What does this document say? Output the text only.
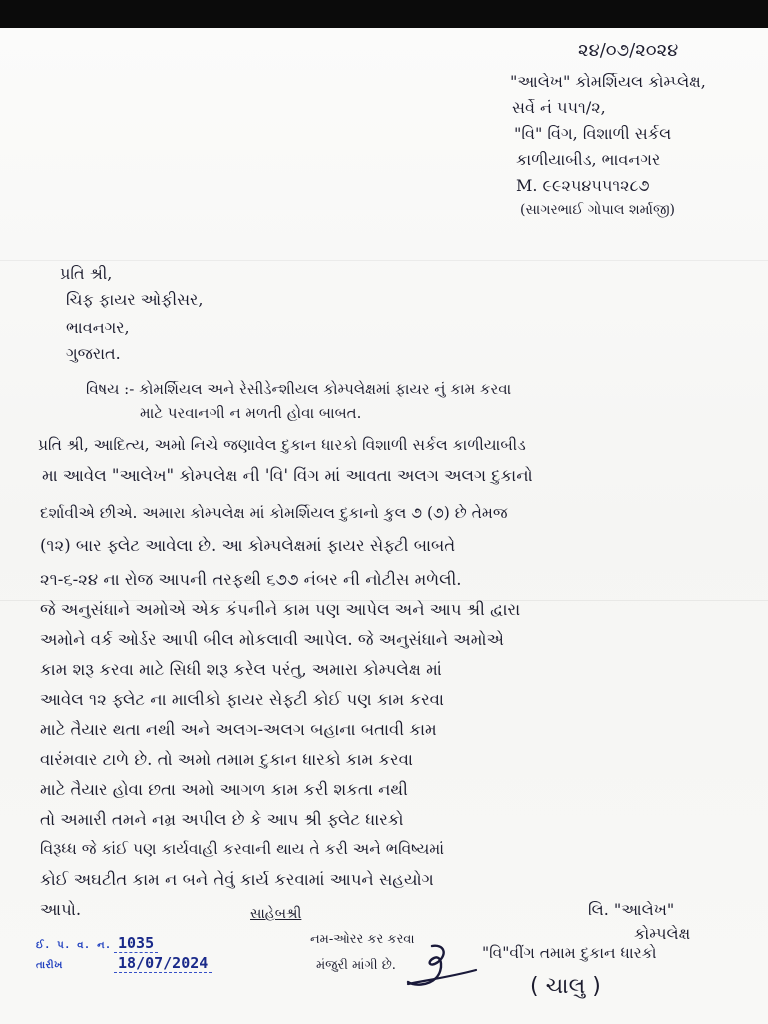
૨૪/૦૭/૨૦૨૪
"આલેખ" કોમર્શિયલ કોમ્પ્લેક્ષ,
સર્વે નં ૫૫૧/૨,
"વિ" વિંગ, વિશાળી સર્કલ
કાળીયાબીડ, ભાવનગર
M. ૯૯૨૫૪૫૫૧૨૮૭
(સાગરભાઈ ગોપાલ શર્માજી)
પ્રતિ શ્રી,
ચિફ ફાયર ઓફીસર,
ભાવનગર,
ગુજરાત.
વિષય :- કોમર્શિયલ અને રેસીડેન્શીયલ કોમ્પલેક્ષમાં ફાયર નું કામ કરવા
માટે પરવાનગી ન મળતી હોવા બાબત.
પ્રતિ શ્રી, આદિત્ય, અમો નિચે જણાવેલ દુકાન ધારકો વિશાળી સર્કલ કાળીયાબીડ
મા આવેલ "આલેખ" કોમ્પલેક્ષ ની 'વિ' વિંગ માં આવતા અલગ અલગ દુકાનો
દર્શાવીએ છીએ. અમારા કોમ્પલેક્ષ માં કોમર્શિયલ દુકાનો કુલ ૭ (૭) છે તેમજ
(૧૨) બાર ફ્લેટ આવેલા છે. આ કોમ્પલેક્ષમાં ફાયર સેફ્ટી બાબતે
૨૧-૬-૨૪ ના રોજ આપની તરફથી ૬૭૭ નંબર ની નોટીસ મળેલી.
જે અનુસંધાને અમોએ એક કંપનીને કામ પણ આપેલ અને આપ શ્રી દ્વારા
અમોને વર્ક ઓર્ડર આપી બીલ મોકલાવી આપેલ. જે અનુસંધાને અમોએ
કામ શરૂ કરવા માટે સિધી શરૂ કરેલ પરંતુ, અમારા કોમ્પલેક્ષ માં
આવેલ ૧૨ ફ્લેટ ના માલીકો ફાયર સેફ્ટી કોઈ પણ કામ કરવા
માટે તૈયાર થતા નથી અને અલગ-અલગ બહાના બતાવી કામ
વારંમવાર ટાળે છે. તો અમો તમામ દુકાન ધારકો કામ કરવા
માટે તૈયાર હોવા છતા અમો આગળ કામ કરી શકતા નથી
તો અમારી તમને નમ્ર અપીલ છે કે આપ શ્રી ફ્લેટ ધારકો
વિરૂધ્ધ જે કાંઈ પણ કાર્યવાહી કરવાની થાય તે કરી અને ભવિષ્યમાં
કોઈ અઘટીત કામ ન બને તેવું કાર્ય કરવામાં આપને સહયોગ
આપો.	લિ. "આલેખ"
કોમ્પલેક્ષ
સાહેબશ્રી
નમ-ઓરર કર કરવા
મંજુરી માંગી છે.
ઈ. પ. વ. ન. 1035
તારીખ	18/07/2024
"વિ"વીંગ તમામ દુકાન ધારકો
( ચાલુ )
